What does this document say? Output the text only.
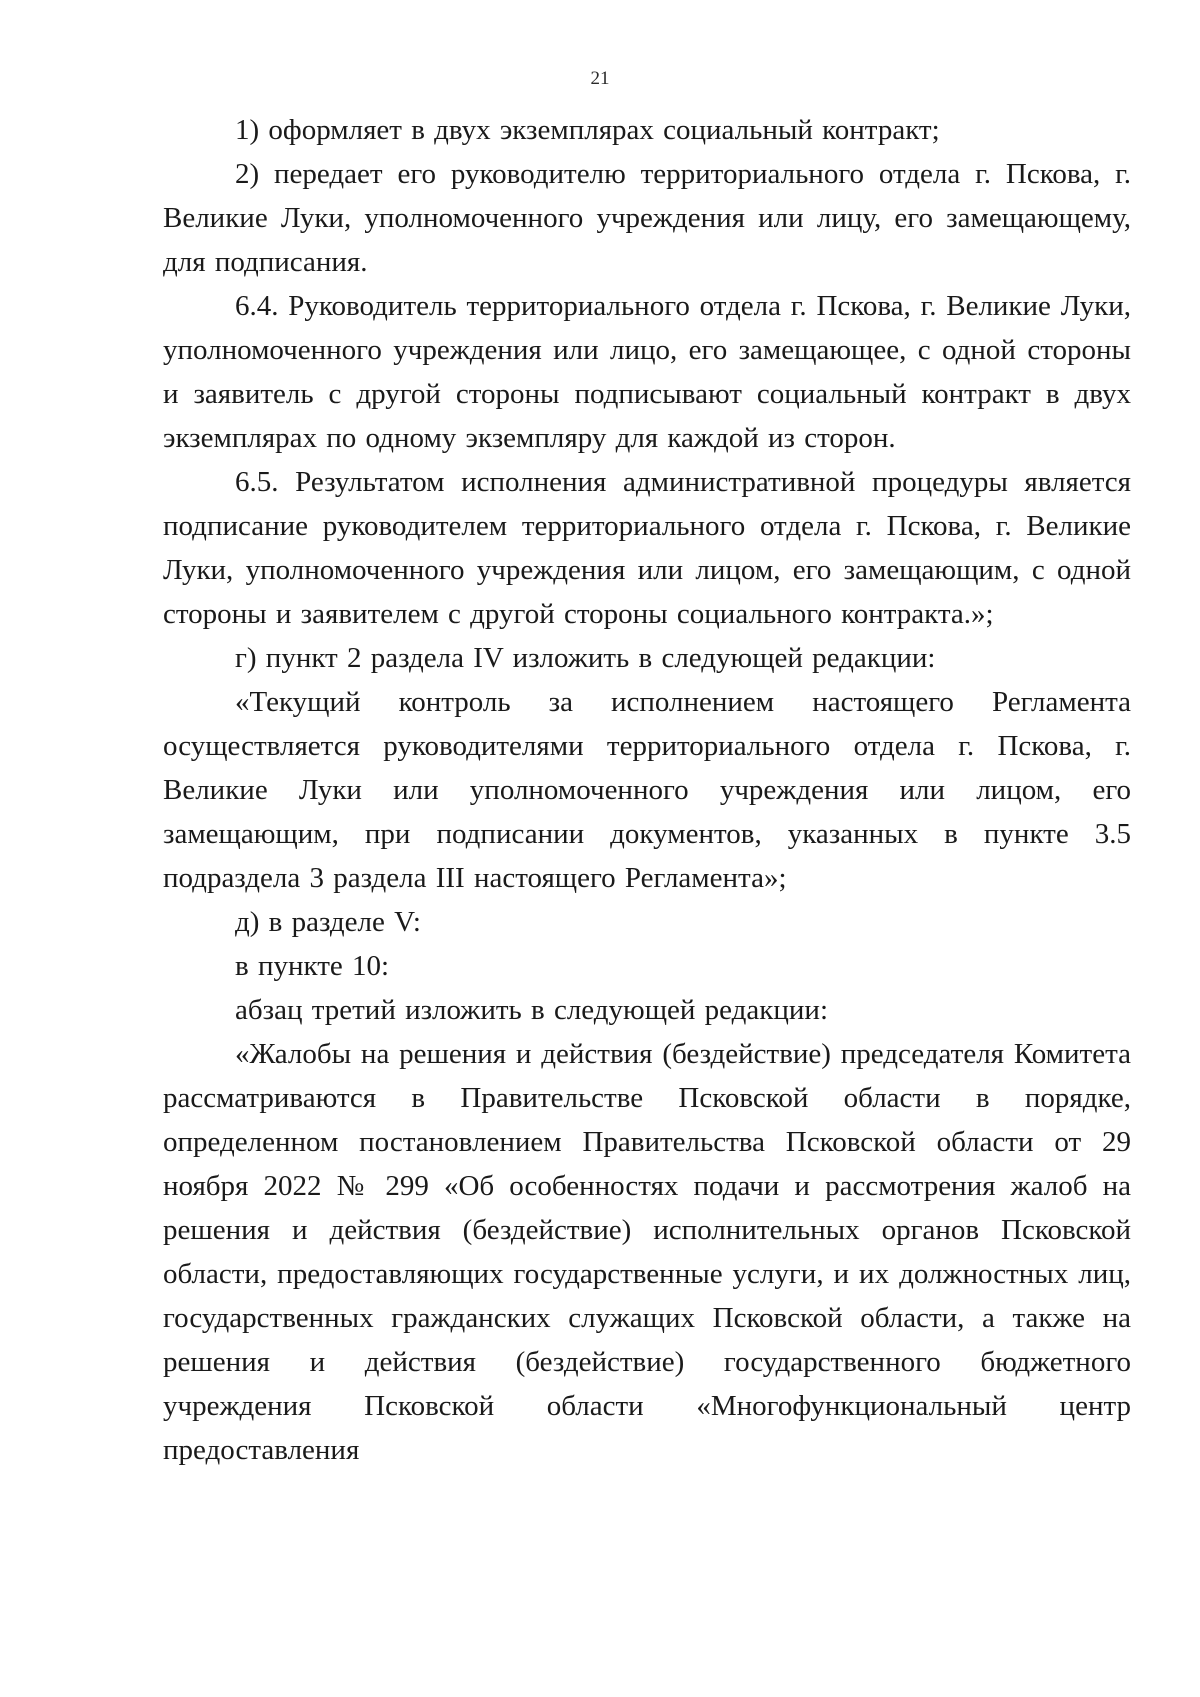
21

1) оформляет в двух экземплярах социальный контракт;

2) передает его руководителю территориального отдела г. Пскова, г. Великие Луки, уполномоченного учреждения или лицу, его замещающему, для подписания.

6.4. Руководитель территориального отдела г. Пскова, г. Великие Луки, уполномоченного учреждения или лицо, его замещающее, с одной стороны и заявитель с другой стороны подписывают социальный контракт в двух экземплярах по одному экземпляру для каждой из сторон.

6.5. Результатом исполнения административной процедуры является подписание руководителем территориального отдела г. Пскова, г. Великие Луки, уполномоченного учреждения или лицом, его замещающим, с одной стороны и заявителем с другой стороны социального контракта.»;

г) пункт 2 раздела IV изложить в следующей редакции:

«Текущий контроль за исполнением настоящего Регламента осуществляется руководителями территориального отдела г. Пскова, г. Великие Луки или уполномоченного учреждения или лицом, его замещающим, при подписании документов, указанных в пункте 3.5 подраздела 3 раздела III настоящего Регламента»;

д) в разделе V:

в пункте 10:

абзац третий изложить в следующей редакции:

«Жалобы на решения и действия (бездействие) председателя Комитета рассматриваются в Правительстве Псковской области в порядке, определенном постановлением Правительства Псковской области от 29 ноября 2022 № 299 «Об особенностях подачи и рассмотрения жалоб на решения и действия (бездействие) исполнительных органов Псковской области, предоставляющих государственные услуги, и их должностных лиц, государственных гражданских служащих Псковской области, а также на решения и действия (бездействие) государственного бюджетного учреждения Псковской области «Многофункциональный центр предоставления
